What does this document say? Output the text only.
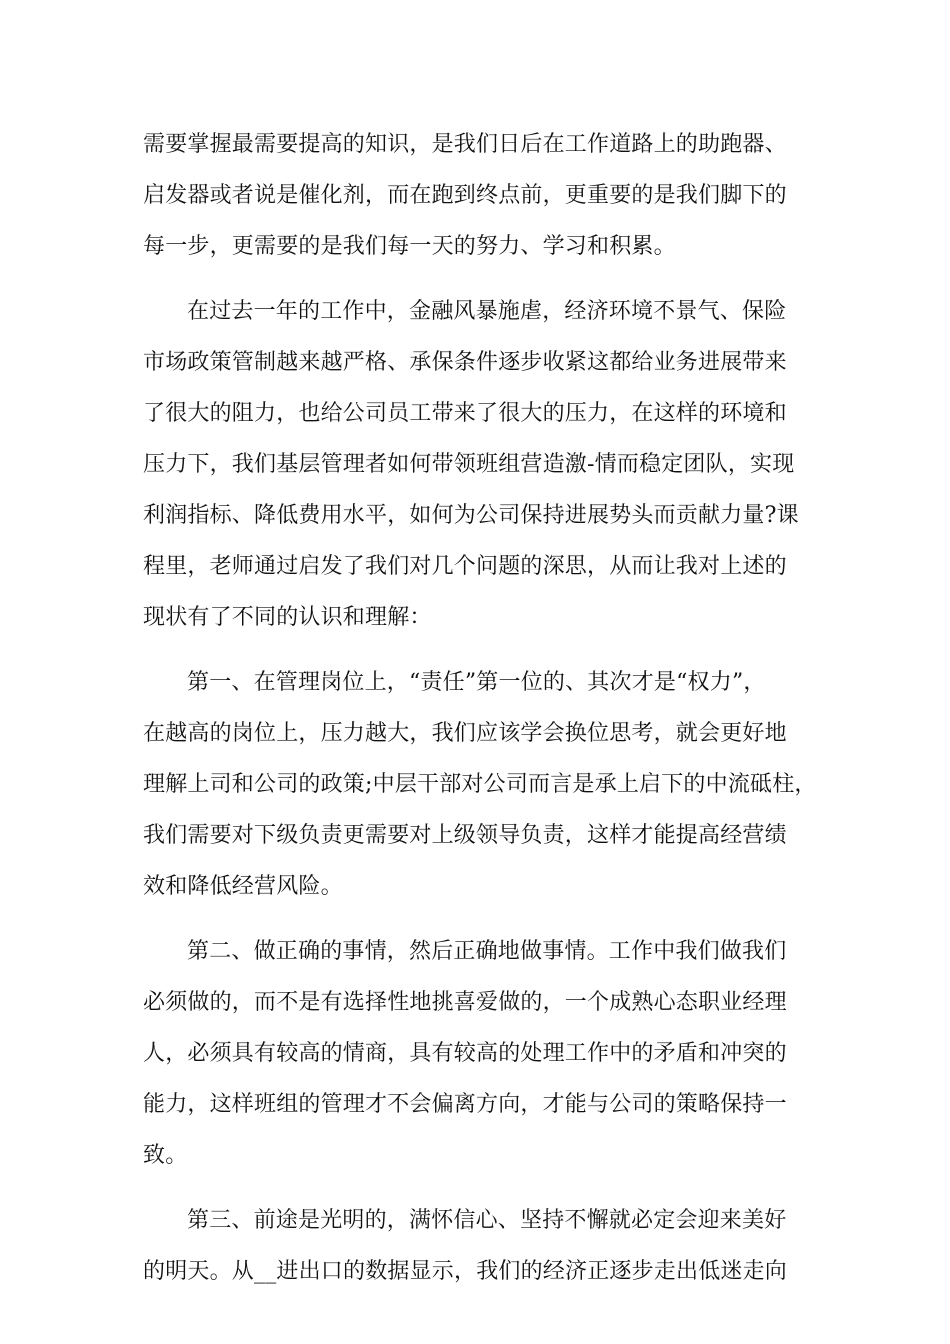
需要掌握最需要提高的知识，是我们日后在工作道路上的助跑器、
启发器或者说是催化剂，而在跑到终点前，更重要的是我们脚下的
每一步，更需要的是我们每一天的努力、学习和积累。
在过去一年的工作中，金融风暴施虐，经济环境不景气、保险
市场政策管制越来越严格、承保条件逐步收紧这都给业务进展带来
了很大的阻力，也给公司员工带来了很大的压力，在这样的环境和
压力下，我们基层管理者如何带领班组营造激-情而稳定团队，实现
利润指标、降低费用水平，如何为公司保持进展势头而贡献力量?课
程里，老师通过启发了我们对几个问题的深思，从而让我对上述的
现状有了不同的认识和理解：
第一、在管理岗位上，“责任”第一位的、其次才是“权力”，
在越高的岗位上，压力越大，我们应该学会换位思考，就会更好地
理解上司和公司的政策;中层干部对公司而言是承上启下的中流砥柱，
我们需要对下级负责更需要对上级领导负责，这样才能提高经营绩
效和降低经营风险。
第二、做正确的事情，然后正确地做事情。工作中我们做我们
必须做的，而不是有选择性地挑喜爱做的，一个成熟心态职业经理
人，必须具有较高的情商，具有较高的处理工作中的矛盾和冲突的
能力，这样班组的管理才不会偏离方向，才能与公司的策略保持一
致。
第三、前途是光明的，满怀信心、坚持不懈就必定会迎来美好
的明天。从__进出口的数据显示，我们的经济正逐步走出低迷走向
